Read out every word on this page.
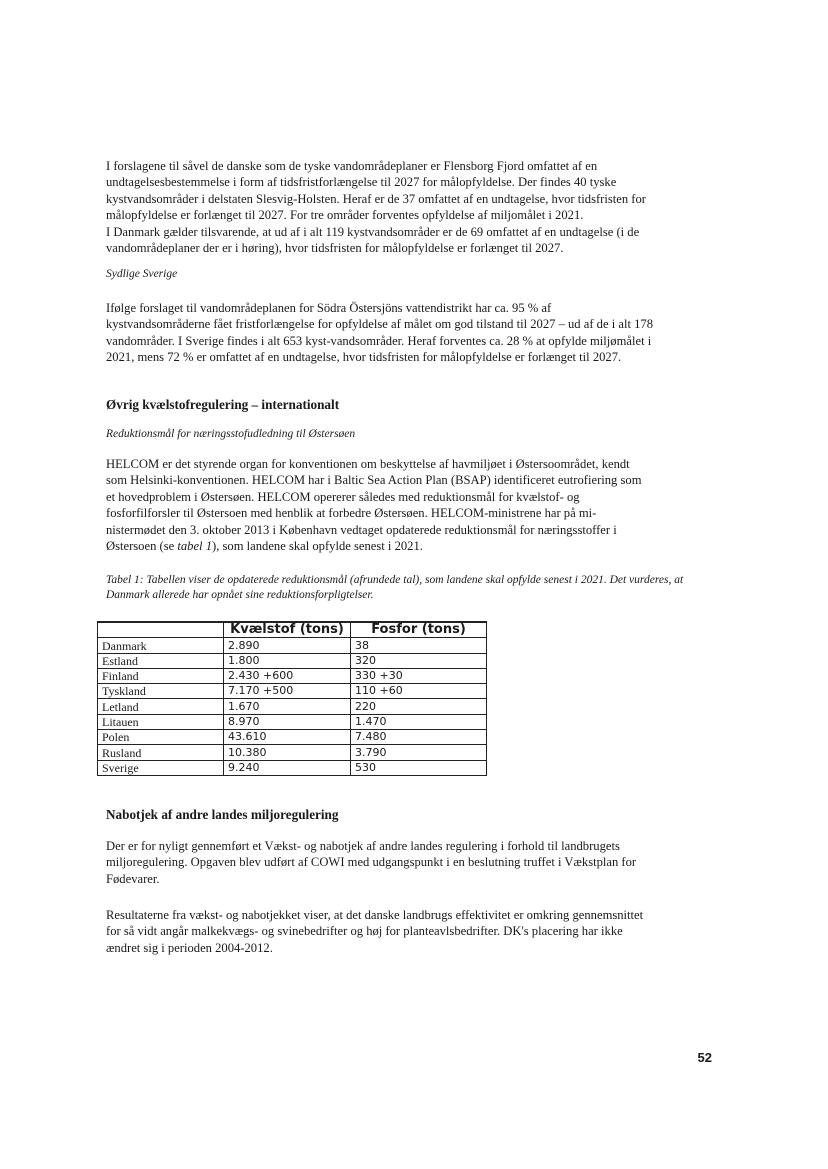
I forslagene til såvel de danske som de tyske vandområdeplaner er Flensborg Fjord omfattet af en
undtagelsesbestemmelse i form af tidsfristforlængelse til 2027 for målopfyldelse. Der findes 40 tyske
kystvandsområder i delstaten Slesvig-Holsten. Heraf er de 37 omfattet af en undtagelse, hvor tidsfristen for
målopfyldelse er forlænget til 2027. For tre områder forventes opfyldelse af miljomålet i 2021.
I Danmark gælder tilsvarende, at ud af i alt 119 kystvandsområder er de 69 omfattet af en undtagelse (i de
vandområdeplaner der er i høring), hvor tidsfristen for målopfyldelse er forlænget til 2027.
Sydlige Sverige
Ifølge forslaget til vandområdeplanen for Södra Östersjöns vattendistrikt har ca. 95 % af
kystvandsområderne fået fristforlængelse for opfyldelse af målet om god tilstand til 2027 – ud af de i alt 178
vandområder. I Sverige findes i alt 653 kyst-vandsområder. Heraf forventes ca. 28 % at opfylde miljømålet i
2021, mens 72 % er omfattet af en undtagelse, hvor tidsfristen for målopfyldelse er forlænget til 2027.
Øvrig kvælstofregulering – internationalt
Reduktionsmål for næringsstofudledning til Østersøen
HELCOM er det styrende organ for konventionen om beskyttelse af havmiljøet i Østersoområdet, kendt
som Helsinki-konventionen. HELCOM har i Baltic Sea Action Plan (BSAP) identificeret eutrofiering som
et hovedproblem i Østersøen. HELCOM opererer således med reduktionsmål for kvælstof- og
fosforfilforsler til Østersoen med henblik at forbedre Østersøen. HELCOM-ministrene har på mi-
nistermødet den 3. oktober 2013 i København vedtaget opdaterede reduktionsmål for næringsstoffer i
Østersoen (se tabel 1), som landene skal opfylde senest i 2021.
Tabel 1: Tabellen viser de opdaterede reduktionsmål (afrundede tal), som landene skal opfylde senest i 2021. Det vurderes, at
Danmark allerede har opnået sine reduktionsforpligtelser.
	Kvælstof (tons)	Fosfor (tons)
Danmark	2.890	38
Estland	1.800	320
Finland	2.430 +600	330 +30
Tyskland	7.170 +500	110 +60
Letland	1.670	220
Litauen	8.970	1.470
Polen	43.610	7.480
Rusland	10.380	3.790
Sverige	9.240	530
Nabotjek af andre landes miljoregulering
Der er for nyligt gennemført et Vækst- og nabotjek af andre landes regulering i forhold til landbrugets
miljoregulering. Opgaven blev udført af COWI med udgangspunkt i en beslutning truffet i Vækstplan for
Fødevarer.
Resultaterne fra vækst- og nabotjekket viser, at det danske landbrugs effektivitet er omkring gennemsnittet
for så vidt angår malkekvægs- og svinebedrifter og høj for planteavlsbedrifter. DK's placering har ikke
ændret sig i perioden 2004-2012.
52
